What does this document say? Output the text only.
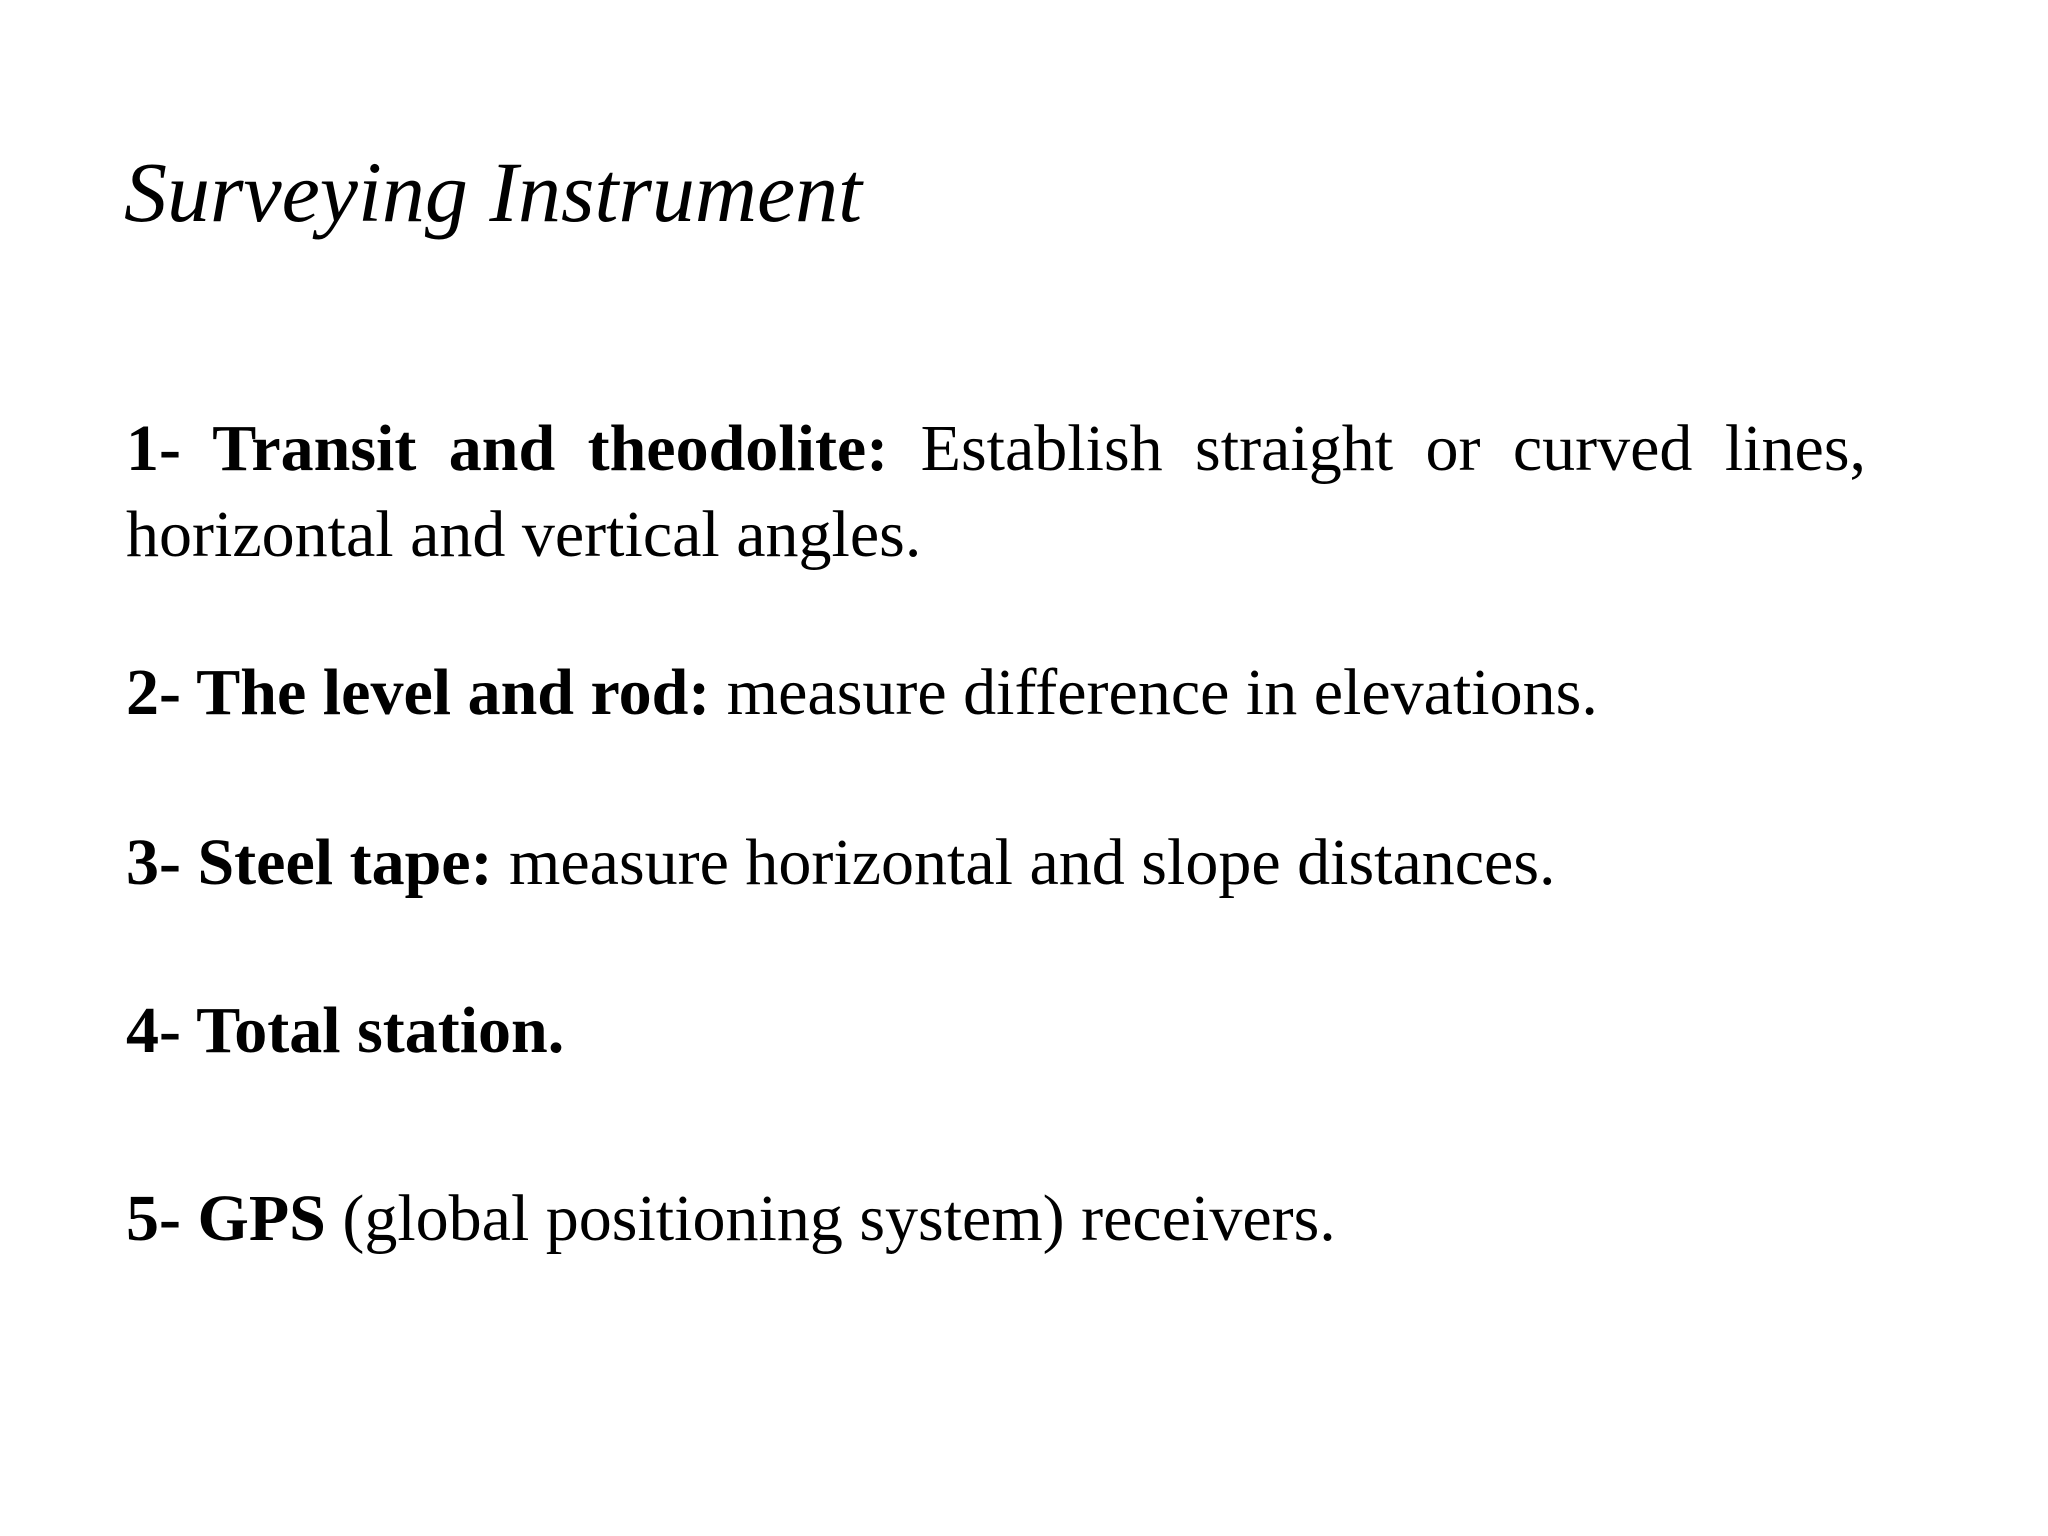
Surveying Instrument

1- Transit and theodolite: Establish straight or curved lines, horizontal and vertical angles.

2- The level and rod: measure difference in elevations.

3- Steel tape: measure horizontal and slope distances.

4- Total station.

5- GPS (global positioning system) receivers.
